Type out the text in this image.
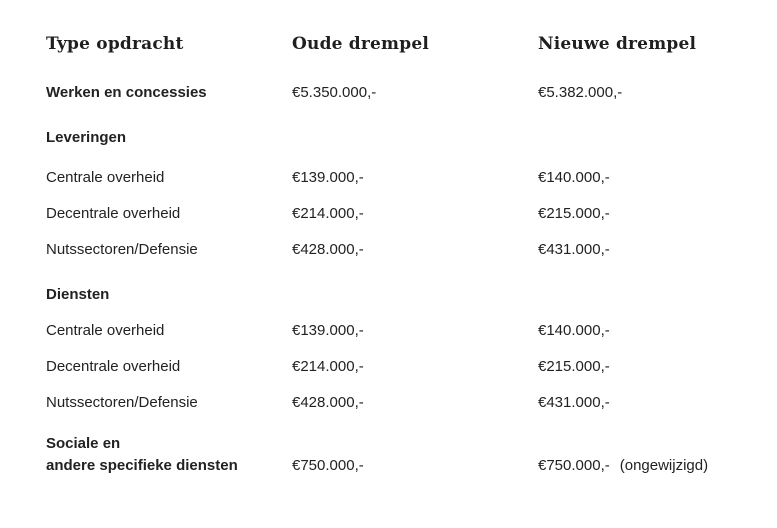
Type opdracht	Oude drempel	Nieuwe drempel
Werken en concessies	€5.350.000,-	€5.382.000,-
Leveringen
Centrale overheid	€139.000,-	€140.000,-
Decentrale overheid	€214.000,-	€215.000,-
Nutssectoren/Defensie	€428.000,-	€431.000,-
Diensten
Centrale overheid	€139.000,-	€140.000,-
Decentrale overheid	€214.000,-	€215.000,-
Nutssectoren/Defensie	€428.000,-	€431.000,-
Sociale en
andere specifieke diensten	€750.000,-	€750.000,- (ongewijzigd)
